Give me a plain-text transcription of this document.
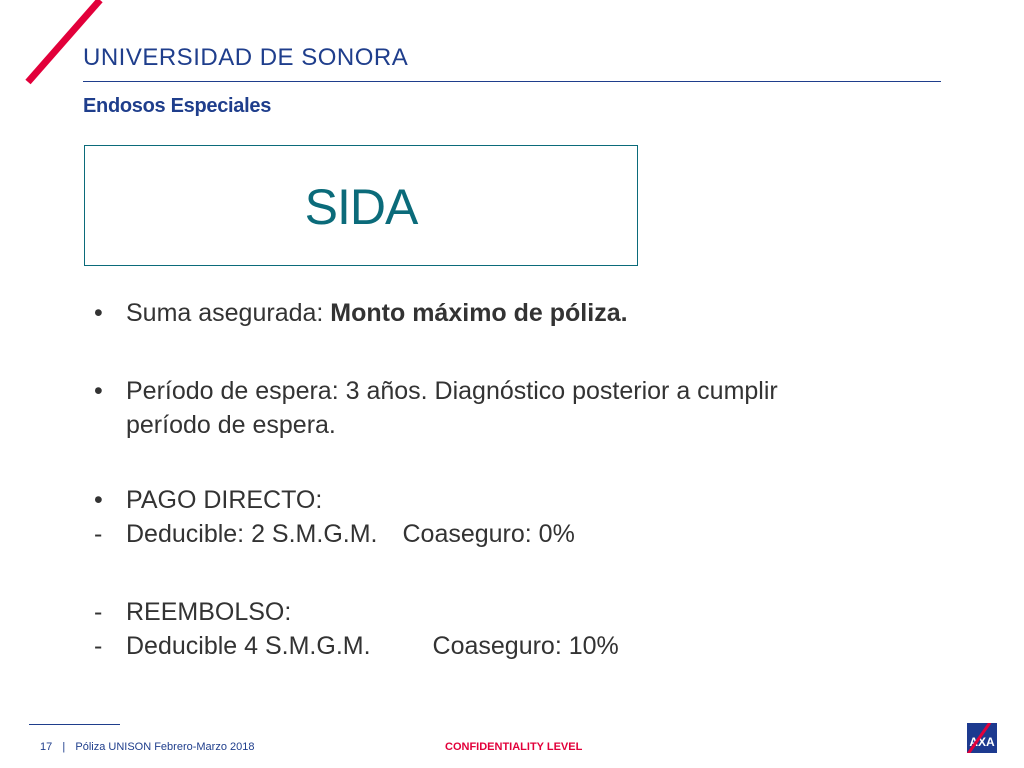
UNIVERSIDAD DE SONORA
Endosos Especiales
SIDA
• Suma asegurada: Monto máximo de póliza.
• Período de espera: 3 años. Diagnóstico posterior a cumplir
período de espera.
• PAGO DIRECTO:
- Deducible: 2 S.M.G.M. Coaseguro: 0%
- REEMBOLSO:
- Deducible 4 S.M.G.M. Coaseguro: 10%
17 | Póliza UNISON Febrero-Marzo 2018	CONFIDENTIALITY LEVEL	AXA
